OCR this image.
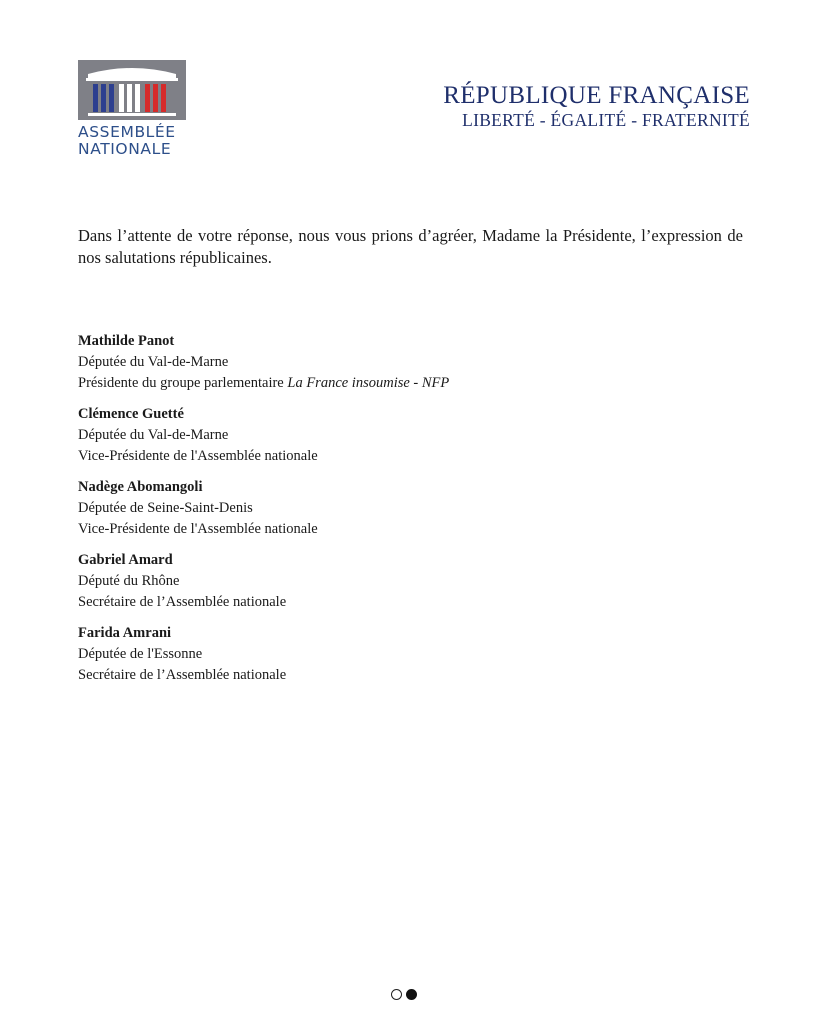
ASSEMBLÉE
NATIONALE
RÉPUBLIQUE FRANÇAISE
LIBERTÉ - ÉGALITÉ - FRATERNITÉ
Dans l’attente de votre réponse, nous vous prions d’agréer, Madame la Présidente, l’expression de nos salutations républicaines.
Mathilde Panot
Députée du Val-de-Marne
Présidente du groupe parlementaire La France insoumise - NFP
Clémence Guetté
Députée du Val-de-Marne
Vice-Présidente de l'Assemblée nationale
Nadège Abomangoli
Députée de Seine-Saint-Denis
Vice-Présidente de l'Assemblée nationale
Gabriel Amard
Député du Rhône
Secrétaire de l’Assemblée nationale
Farida Amrani
Députée de l'Essonne
Secrétaire de l’Assemblée nationale
